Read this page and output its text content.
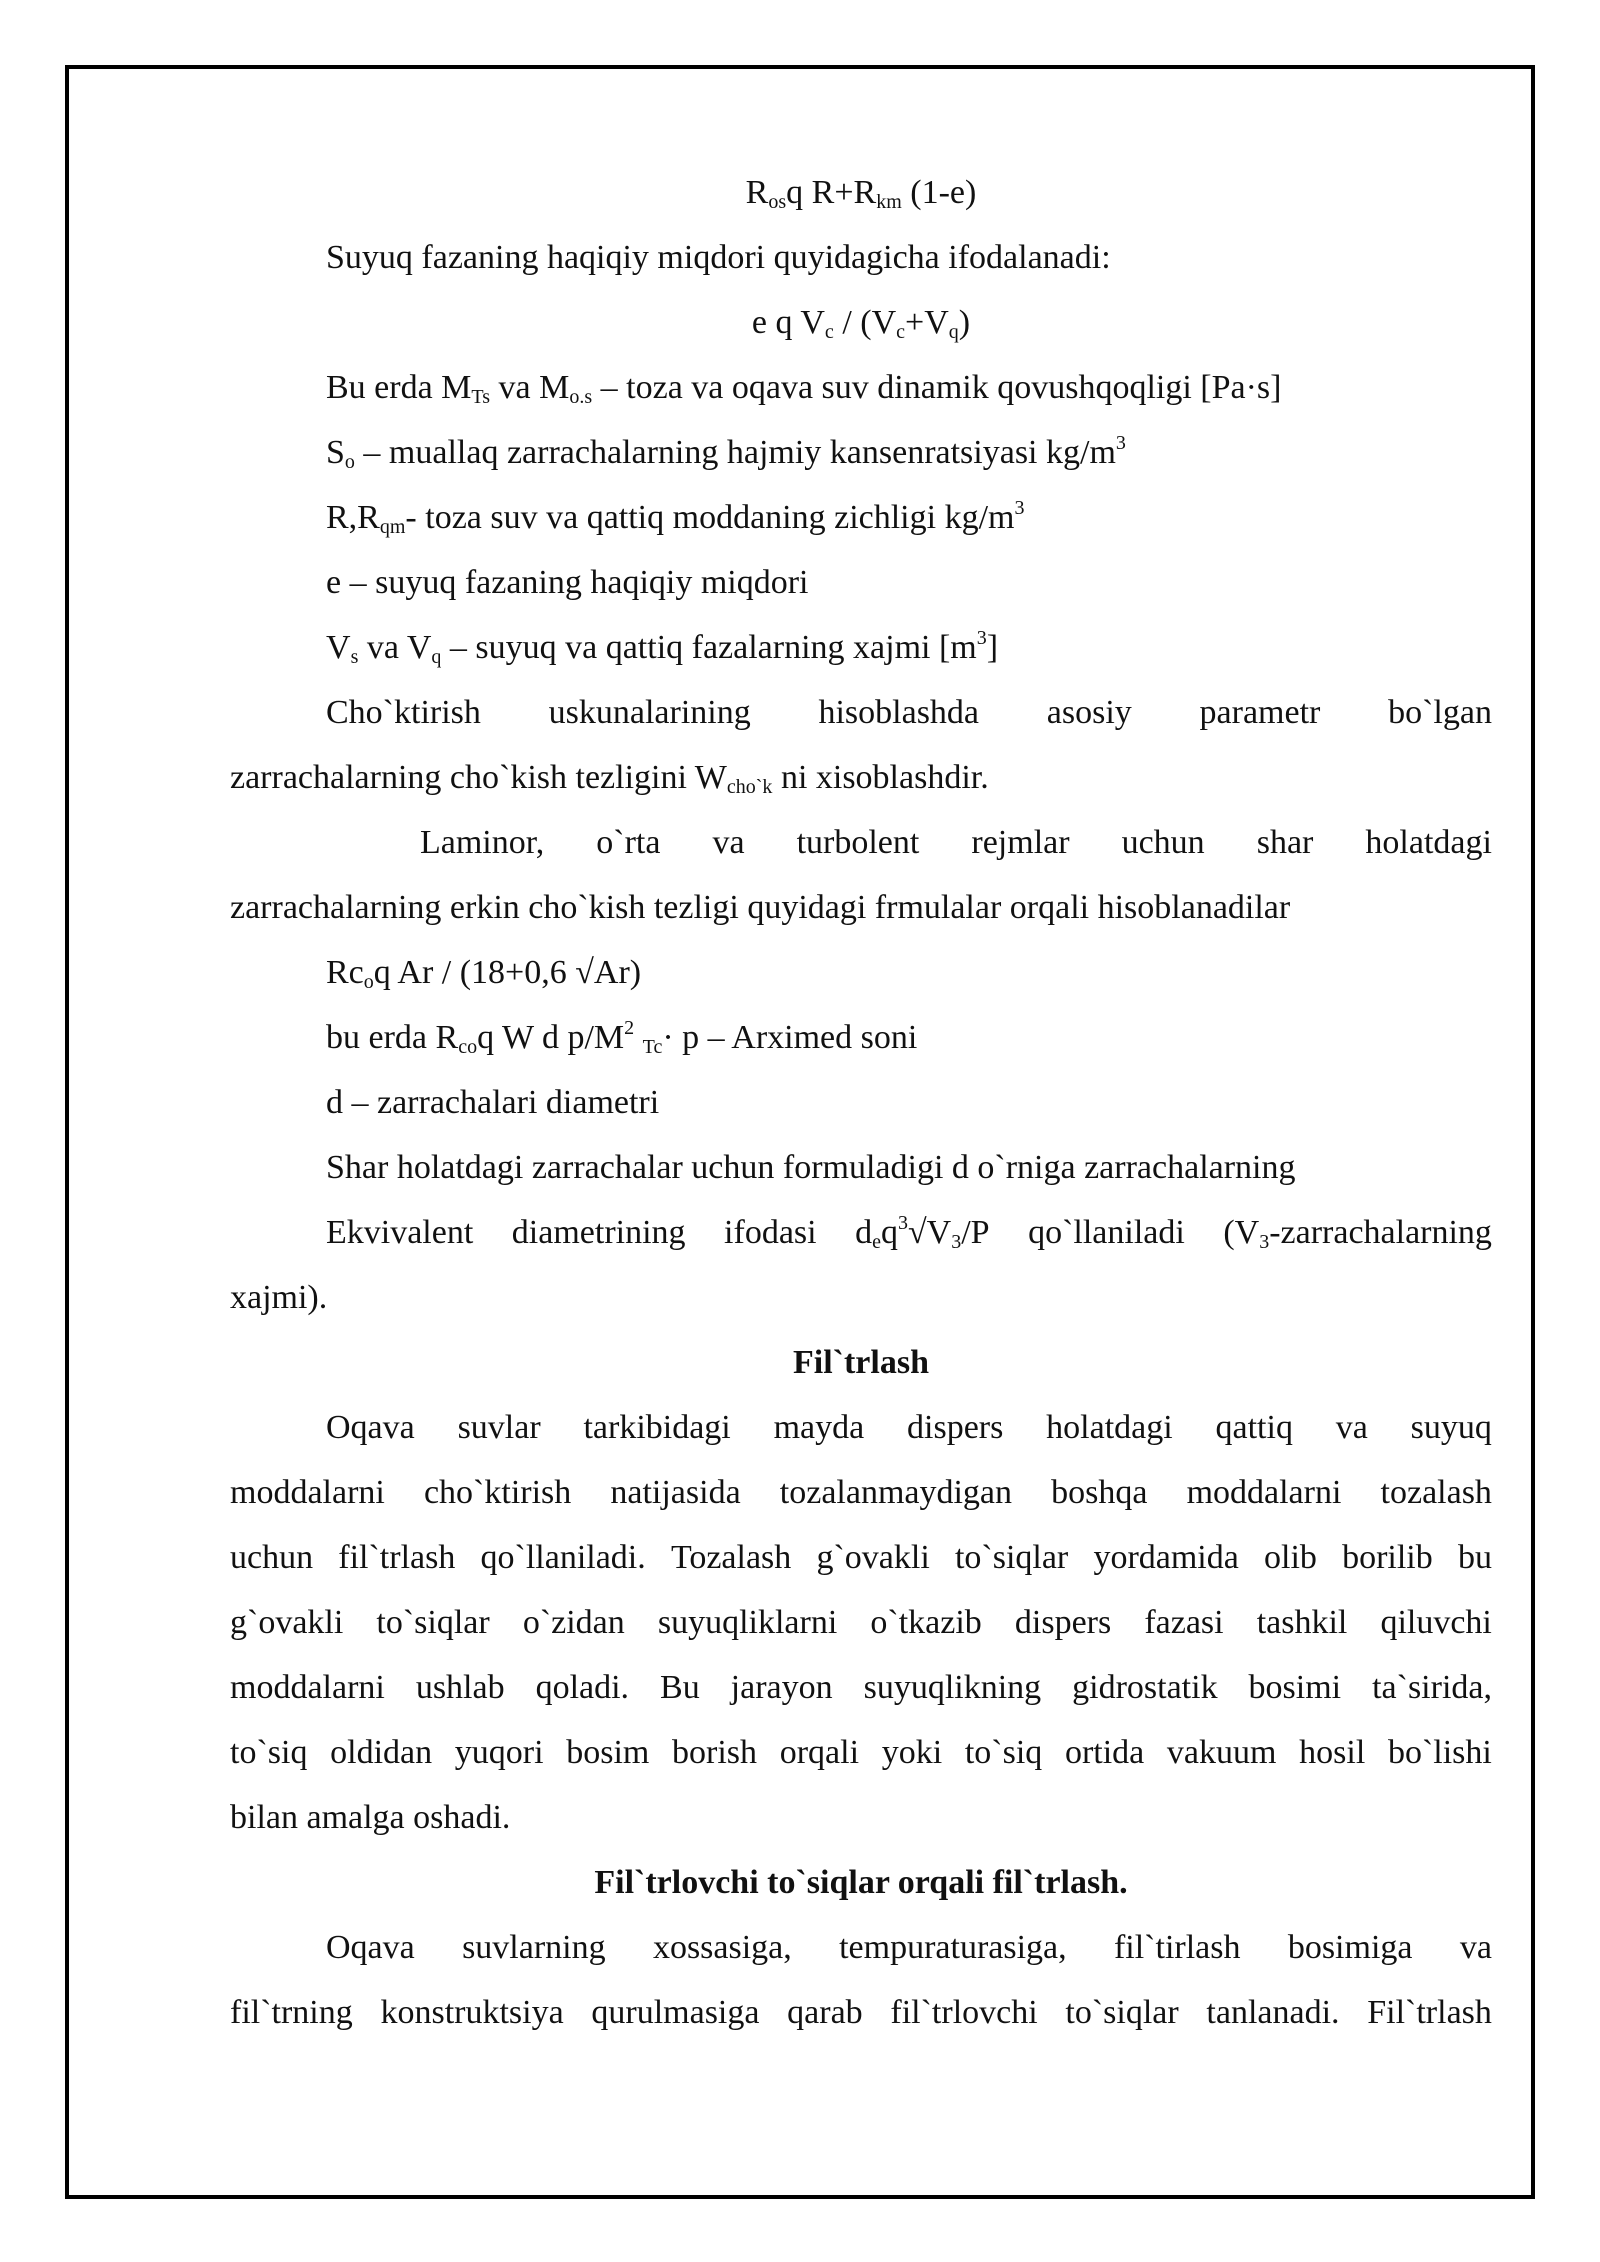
$R_{os}q$ $R+R_{km}$ (1-e)
Suyuq fazaning haqiqiy miqdori quyidagicha ifodalanadi:
e q $V_c / (V_c+V_q)$
Bu erda $M_{Ts}$ va $M_{o.s}$ – toza va oqava suv dinamik qovushqoqligi [Pa·s]
$S_o$ – muallaq zarrachalarning hajmiy kansenratsiyasi $kg/m^3$
$R,R_{qm}-$ toza suv va qattiq moddaning zichligi $kg/m^3$
e – suyuq fazaning haqiqiy miqdori
$V_s$ va $V_q$ – suyuq va qattiq fazalarning xajmi $[m^3]$
Cho`ktirish uskunalarining hisoblashda asosiy parametr bo`lgan
zarrachalarning cho`kish tezligini $W_{cho`k}$ ni xisoblashdir.
Laminor, o`rta va turbolent rejmlar uchun shar holatdagi
zarrachalarning erkin cho`kish tezligi quyidagi frmulalar orqali hisoblanadilar
$Rc_oq$ Ar / (18+0,6 √Ar)
bu erda $R_{co}q$ W d $p/M^2$ $_{Tc}$· p – Arximed soni
d – zarrachalari diametri
Shar holatdagi zarrachalar uchun formuladigi d o`rniga zarrachalarning
Ekvivalent diametrining ifodasi $d_eq^3√V_3/P$ qo`llaniladi ($V_3$-zarrachalarning
xajmi).
Fil`trlash
Oqava suvlar tarkibidagi mayda dispers holatdagi qattiq va suyuq
moddalarni cho`ktirish natijasida tozalanmaydigan boshqa moddalarni tozalash
uchun fil`trlash qo`llaniladi. Tozalash g`ovakli to`siqlar yordamida olib borilib bu
g`ovakli to`siqlar o`zidan suyuqliklarni o`tkazib dispers fazasi tashkil qiluvchi
moddalarni ushlab qoladi. Bu jarayon suyuqlikning gidrostatik bosimi ta`sirida,
to`siq oldidan yuqori bosim borish orqali yoki to`siq ortida vakuum hosil bo`lishi
bilan amalga oshadi.
Fil`trlovchi to`siqlar orqali fil`trlash.
Oqava suvlarning xossasiga, tempuraturasiga, fil`tirlash bosimiga va
fil`trning konstruktsiya qurulmasiga qarab fil`trlovchi to`siqlar tanlanadi. Fil`trlash
